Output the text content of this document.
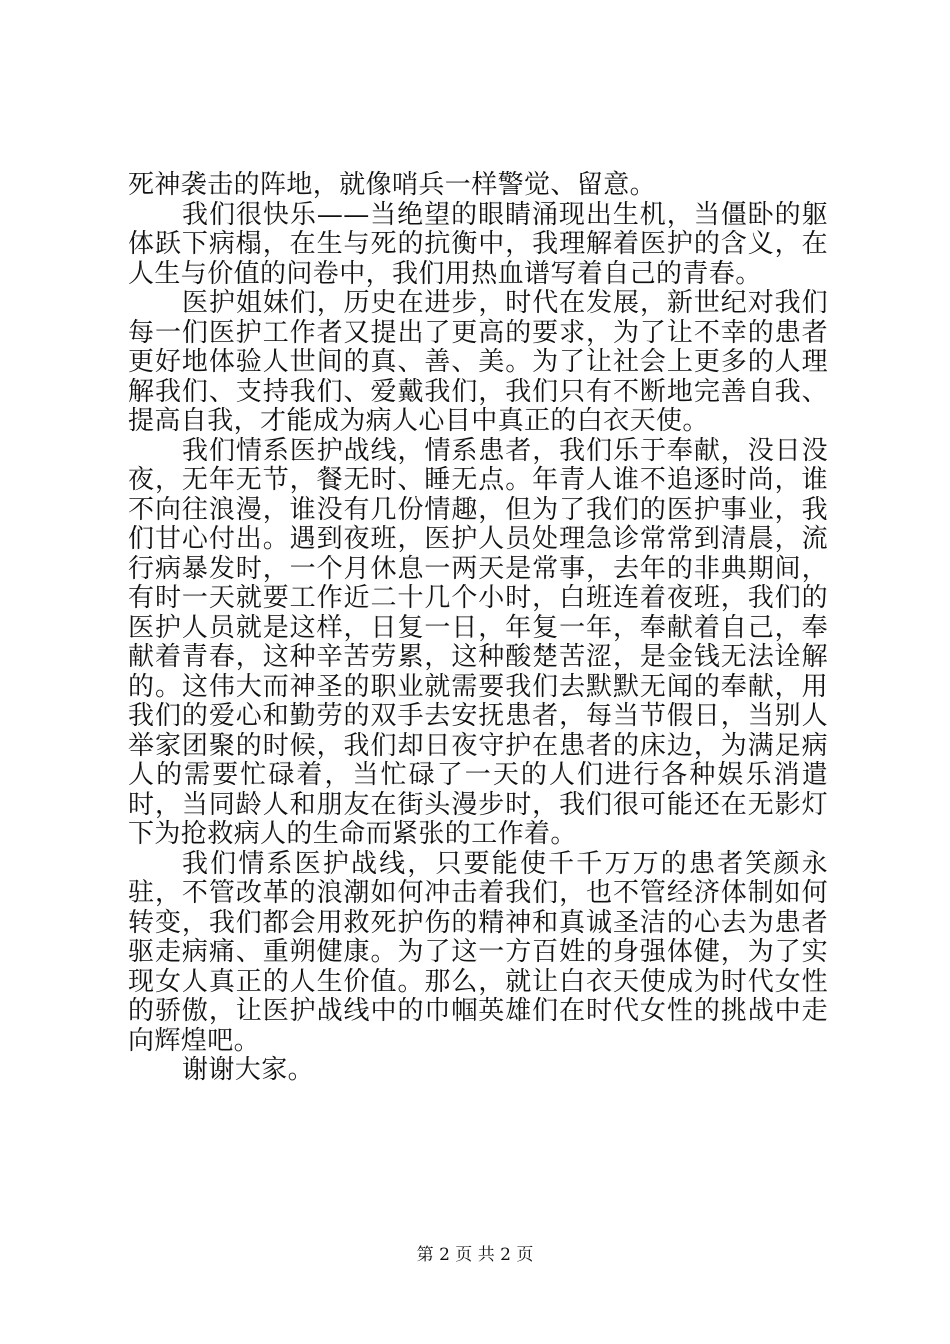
死神袭击的阵地，就像哨兵一样警觉、留意。

我们很快乐——当绝望的眼睛涌现出生机，当僵卧的躯体跃下病榻，在生与死的抗衡中，我理解着医护的含义，在人生与价值的问卷中，我们用热血谱写着自己的青春。

医护姐妹们，历史在进步，时代在发展，新世纪对我们每一们医护工作者又提出了更高的要求，为了让不幸的患者更好地体验人世间的真、善、美。为了让社会上更多的人理解我们、支持我们、爱戴我们，我们只有不断地完善自我、提高自我，才能成为病人心目中真正的白衣天使。

我们情系医护战线，情系患者，我们乐于奉献，没日没夜，无年无节，餐无时、睡无点。年青人谁不追逐时尚，谁不向往浪漫，谁没有几份情趣，但为了我们的医护事业，我们甘心付出。遇到夜班，医护人员处理急诊常常到清晨，流行病暴发时，一个月休息一两天是常事，去年的非典期间，有时一天就要工作近二十几个小时，白班连着夜班，我们的医护人员就是这样，日复一日，年复一年，奉献着自己，奉献着青春，这种辛苦劳累，这种酸楚苦涩，是金钱无法诠解的。这伟大而神圣的职业就需要我们去默默无闻的奉献，用我们的爱心和勤劳的双手去安抚患者，每当节假日，当别人举家团聚的时候，我们却日夜守护在患者的床边，为满足病人的需要忙碌着，当忙碌了一天的人们进行各种娱乐消遣时，当同龄人和朋友在街头漫步时，我们很可能还在无影灯下为抢救病人的生命而紧张的工作着。

我们情系医护战线，只要能使千千万万的患者笑颜永驻，不管改革的浪潮如何冲击着我们，也不管经济体制如何转变，我们都会用救死护伤的精神和真诚圣洁的心去为患者驱走病痛、重朔健康。为了这一方百姓的身强体健，为了实现女人真正的人生价值。那么，就让白衣天使成为时代女性的骄傲，让医护战线中的巾帼英雄们在时代女性的挑战中走向辉煌吧。

谢谢大家。

第 2 页 共 2 页
